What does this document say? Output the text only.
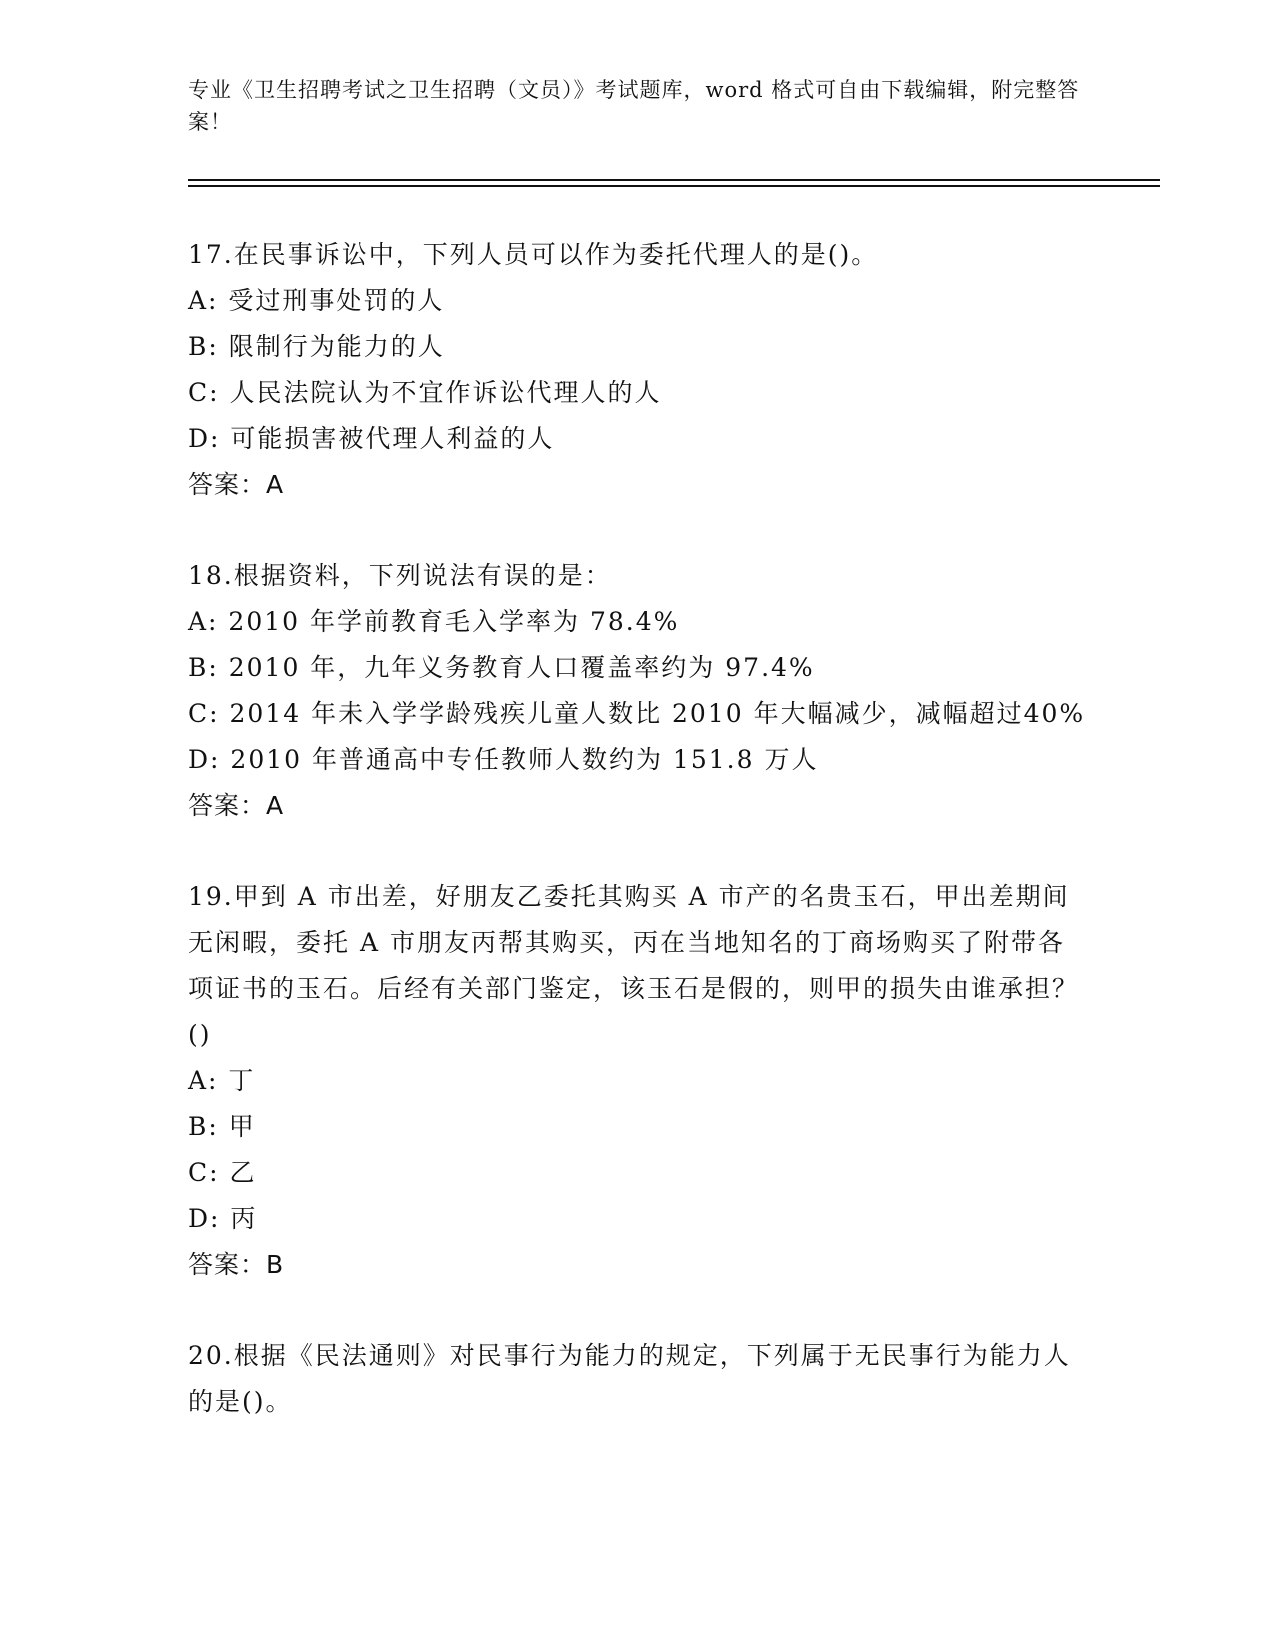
专业《卫生招聘考试之卫生招聘（文员）》考试题库，word 格式可自由下载编辑，附完整答案！

17.在民事诉讼中，下列人员可以作为委托代理人的是()。

A: 受过刑事处罚的人

B: 限制行为能力的人

C: 人民法院认为不宜作诉讼代理人的人

D: 可能损害被代理人利益的人

答案：A

18.根据资料，下列说法有误的是：

A: 2010 年学前教育毛入学率为 78.4%

B: 2010 年，九年义务教育人口覆盖率约为 97.4%

C: 2014 年未入学学龄残疾儿童人数比 2010 年大幅减少，减幅超过40%

D: 2010 年普通高中专任教师人数约为 151.8 万人

答案：A

19.甲到 A 市出差，好朋友乙委托其购买 A 市产的名贵玉石，甲出差期间无闲暇，委托 A 市朋友丙帮其购买，丙在当地知名的丁商场购买了附带各项证书的玉石。后经有关部门鉴定，该玉石是假的，则甲的损失由谁承担？()

A: 丁

B: 甲

C: 乙

D: 丙

答案：B

20.根据《民法通则》对民事行为能力的规定，下列属于无民事行为能力人的是()。
